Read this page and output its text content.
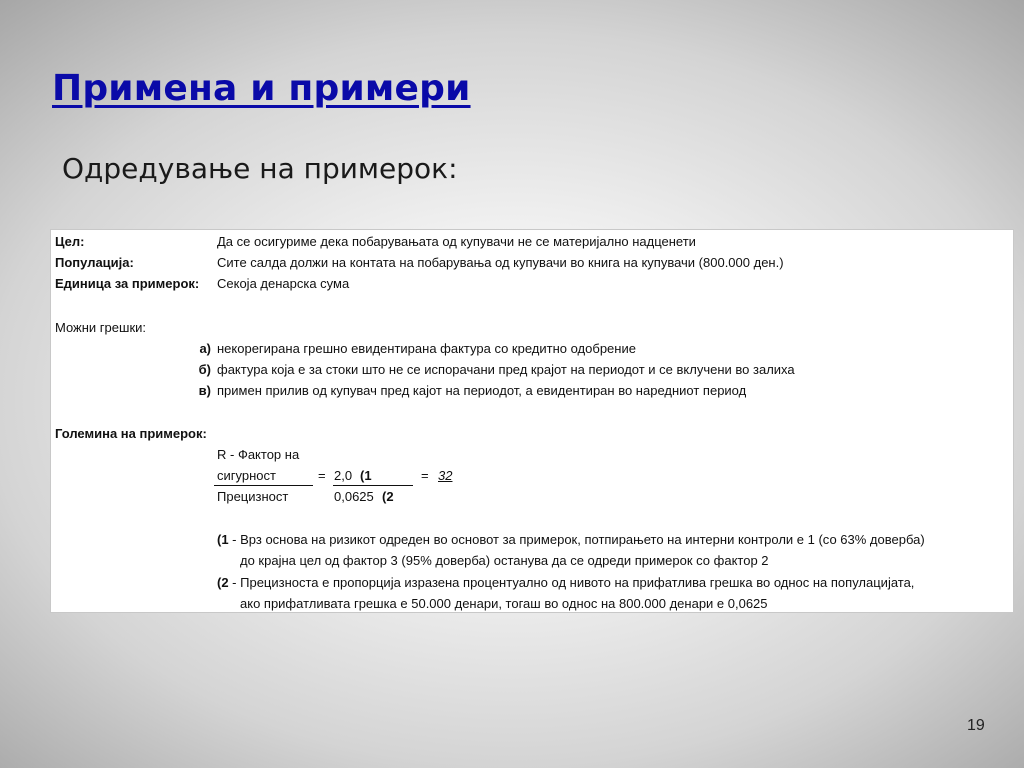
Примена и примери

Одредување на примерок:

Цел:	Да се осигуриме дека побарувањата од купувачи не се материјално надценети
Популација:	Сите салда должи на контата на побарувања од купувачи во книга на купувачи (800.000 ден.)
Единица за примерок: Секоја денарска сума
Можни грешки:
а) некорегирана грешно евидентирана фактура со кредитно одобрение
б) фактура која е за стоки што не се испорачани пред крајот на периодот и се вклучени во залиха
в) примен прилив од купувач пред кајот на периодот, а евидентиран во наредниот период
Големина на примерок:
R - Фактор на
сигурност	= 2,0 (1	= 32
Прецизност	0,0625 (2
(1 - Врз основа на ризикот одреден во основот за примерок, потпирањето на интерни контроли е 1 (со 63% доверба)
до крајна цел од фактор 3 (95% доверба) останува да се одреди примерок со фактор 2
(2 - Прецизноста е пропорција изразена процентуално од нивото на прифатлива грешка во однос на популацијата,
ако прифатливата грешка е 50.000 денари, тогаш во однос на 800.000 денари е 0,0625
19
